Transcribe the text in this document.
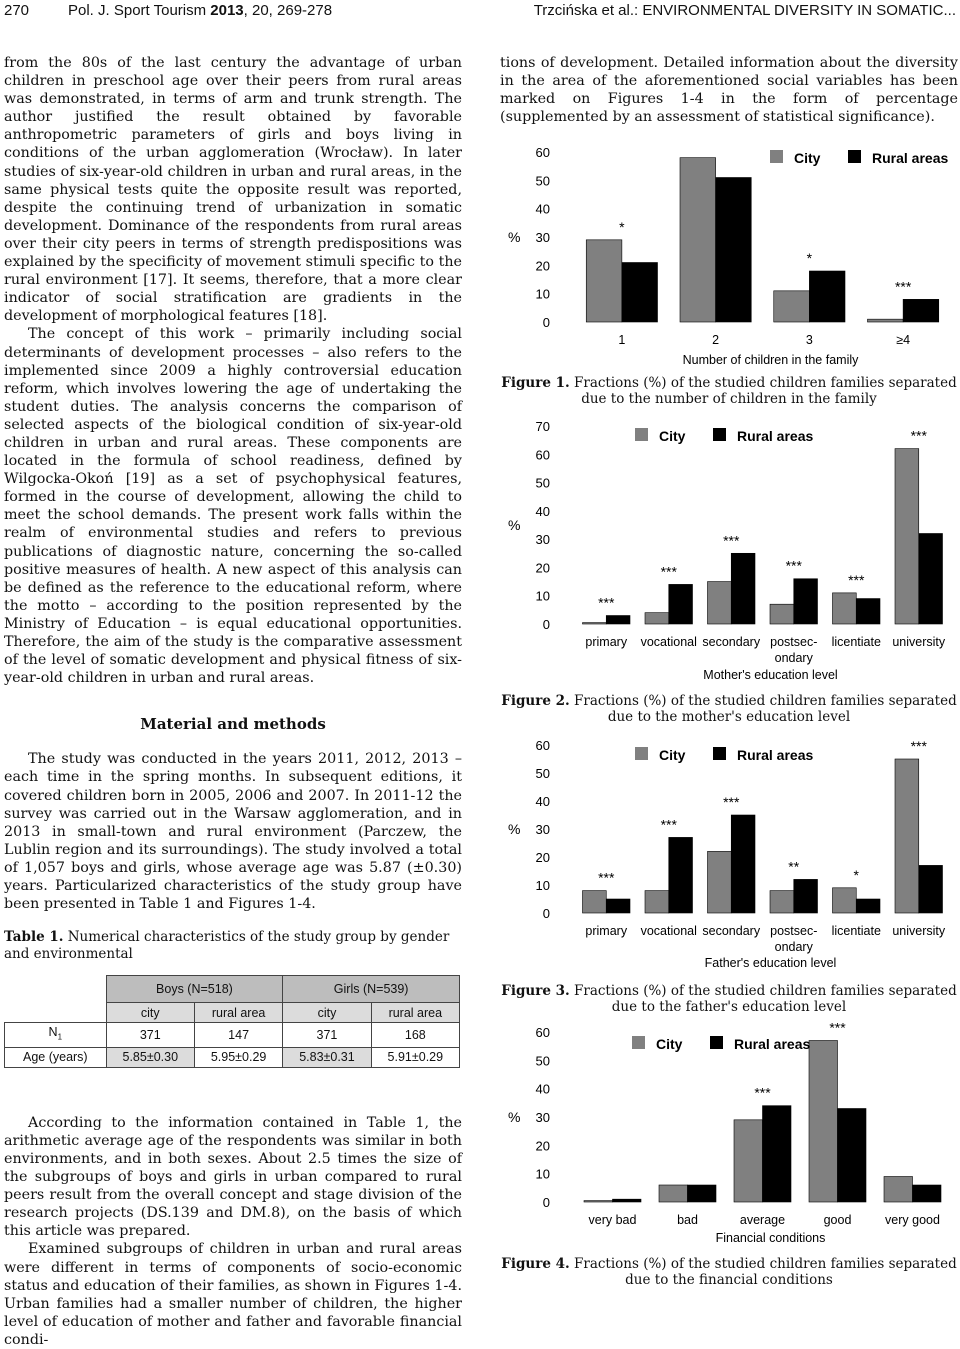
270	Pol. J. Sport Tourism 2013, 20, 269-278	Trzcińska et al.: ENVIRONMENTAL DIVERSITY IN SOMATIC...

from the 80s of the last century the advantage of urban children in preschool age over their peers from rural areas was demonstrated, in terms of arm and trunk strength. The author justified the result obtained by favorable anthropometric parameters of girls and boys living in conditions of the urban agglomeration (Wrocław). In later studies of six-year-old children in urban and rural areas, in the same physical tests quite the opposite result was reported, despite the continuing trend of urbanization in somatic development. Dominance of the respondents from rural areas over their city peers in terms of strength predispositions was explained by the specificity of movement stimuli specific to the rural environment [17]. It seems, therefore, that a more clear indicator of social stratification are gradients in the development of morphological features [18].

The concept of this work – primarily including social determinants of development processes – also refers to the implemented since 2009 a highly controversial education reform, which involves lowering the age of undertaking the student duties. The analysis concerns the comparison of selected aspects of the biological condition of six-year-old children in urban and rural areas. These components are located in the formula of school readiness, defined by Wilgocka-Okoń [19] as a set of psychophysical features, formed in the course of development, allowing the child to meet the school demands. The present work falls within the realm of environmental studies and refers to previous publications of diagnostic nature, concerning the so-called positive measures of health. A new aspect of this analysis can be defined as the reference to the educational reform, where the motto – according to the position represented by the Ministry of Education – is equal educational opportunities. Therefore, the aim of the study is the comparative assessment of the level of somatic development and physical fitness of six-year-old children in urban and rural areas.

Material and methods

The study was conducted in the years 2011, 2012, 2013 – each time in the spring months. In subsequent editions, it covered children born in 2005, 2006 and 2007. In 2011-12 the survey was carried out in the Warsaw agglomeration, and in 2013 in small-town and rural environment (Parczew, the Lublin region and its surroundings). The study involved a total of 1,057 boys and girls, whose average age was 5.87 (±0.30) years. Particularized characteristics of the study group have been presented in Table 1 and Figures 1-4.

Table 1. Numerical characteristics of the study group by gender and environmental
	Boys (N=518)		Girls (N=539)	
	city	rural area	city	rural area
$N_1$	371	147	371	168
Age (years)	5.85±0.30	5.95±0.29	5.83±0.31	5.91±0.29

According to the information contained in Table 1, the arithmetic average age of the respondents was similar in both environments, and in both sexes. About 2.5 times the size of the subgroups of boys and girls in urban compared to rural peers result from the overall concept and stage division of the research projects (DS.139 and DM.8), on the basis of which this article was prepared.

Examined subgroups of children in urban and rural areas were different in terms of components of socio-economic status and education of their families, as shown in Figures 1-4. Urban families had a smaller number of children, the higher level of education of mother and father and favorable financial condi-

tions of development. Detailed information about the diversity in the area of the aforementioned social variables has been marked on Figures 1-4 in the form of percentage (supplemented by an assessment of statistical significance).

%
0
10
20
30
40
50
60
*
1	2
*
3
***
≥4
City	Rural areas
Number of children in the family
Figure 1. Fractions (%) of the studied children families separated due to the number of children in the family
%
0
10
20
30
40
50
60
70
***
primary
***
vocational
***
secondary
***
postsec-
ondary
***
licentiate
***
university
City	Rural areas
Mother's education level
Figure 2. Fractions (%) of the studied children families separated due to the mother's education level
%
0
10
20
30
40
50
60
***
primary
***
vocational
***
secondary
**
postsec-
ondary
*
licentiate
***
university
City	Rural areas
Father's education level
Figure 3. Fractions (%) of the studied children families separated due to the father's education level
%
0
10
20
30
40
50
60
very bad	bad
***
average
***
good	very good
City	Rural areas
Financial conditions
Figure 4. Fractions (%) of the studied children families separated due to the financial conditions
